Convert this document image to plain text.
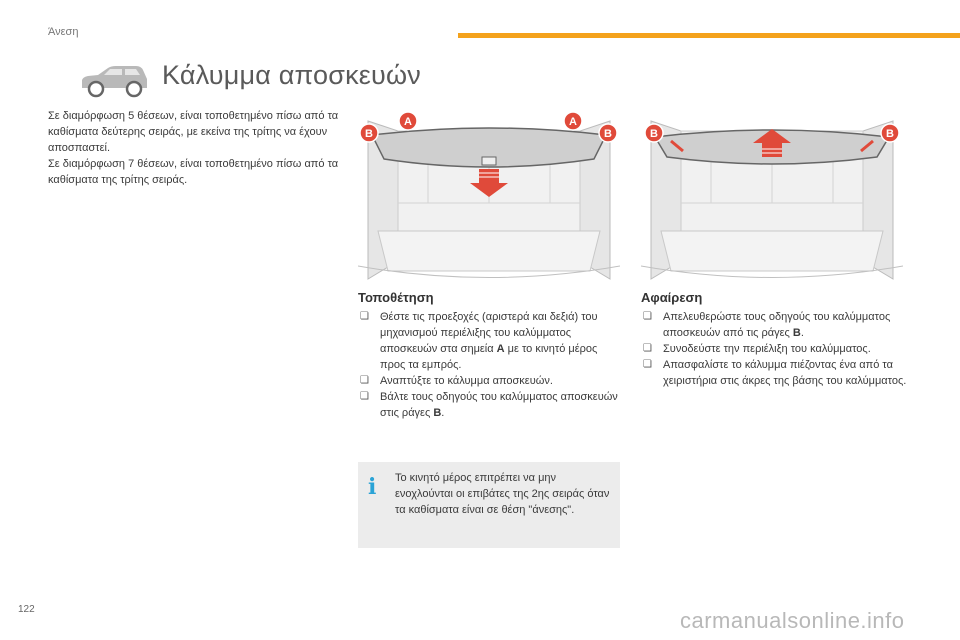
Άνεση
Κάλυμμα αποσκευών

Σε διαμόρφωση 5 θέσεων, είναι τοποθετημένο πίσω από τα καθίσματα δεύτερης σειράς, με εκείνα της τρίτης να έχουν αποσπαστεί.

Σε διαμόρφωση 7 θέσεων, είναι τοποθετημένο πίσω από τα καθίσματα της τρίτης σειράς.

B
A	A
B	B	B
Τοποθέτηση
❏ Θέστε τις προεξοχές (αριστερά και δεξιά) του μηχανισμού περιέλιξης του καλύμματος αποσκευών στα σημεία A με το κινητό μέρος προς τα εμπρός.
❏ Αναπτύξτε το κάλυμμα αποσκευών.
❏ Βάλτε τους οδηγούς του καλύμματος αποσκευών στις ράγες B.
Αφαίρεση
❏ Απελευθερώστε τους οδηγούς του καλύμματος αποσκευών από τις ράγες B.
❏ Συνοδεύστε την περιέλιξη του καλύμματος.
❏ Απασφαλίστε το κάλυμμα πιέζοντας ένα από τα χειριστήρια στις άκρες της βάσης του καλύμματος.
i Το κινητό μέρος επιτρέπει να μην ενοχλούνται οι επιβάτες της 2ης σειράς όταν τα καθίσματα είναι σε θέση "άνεσης".
122	carmanualsonline.info
